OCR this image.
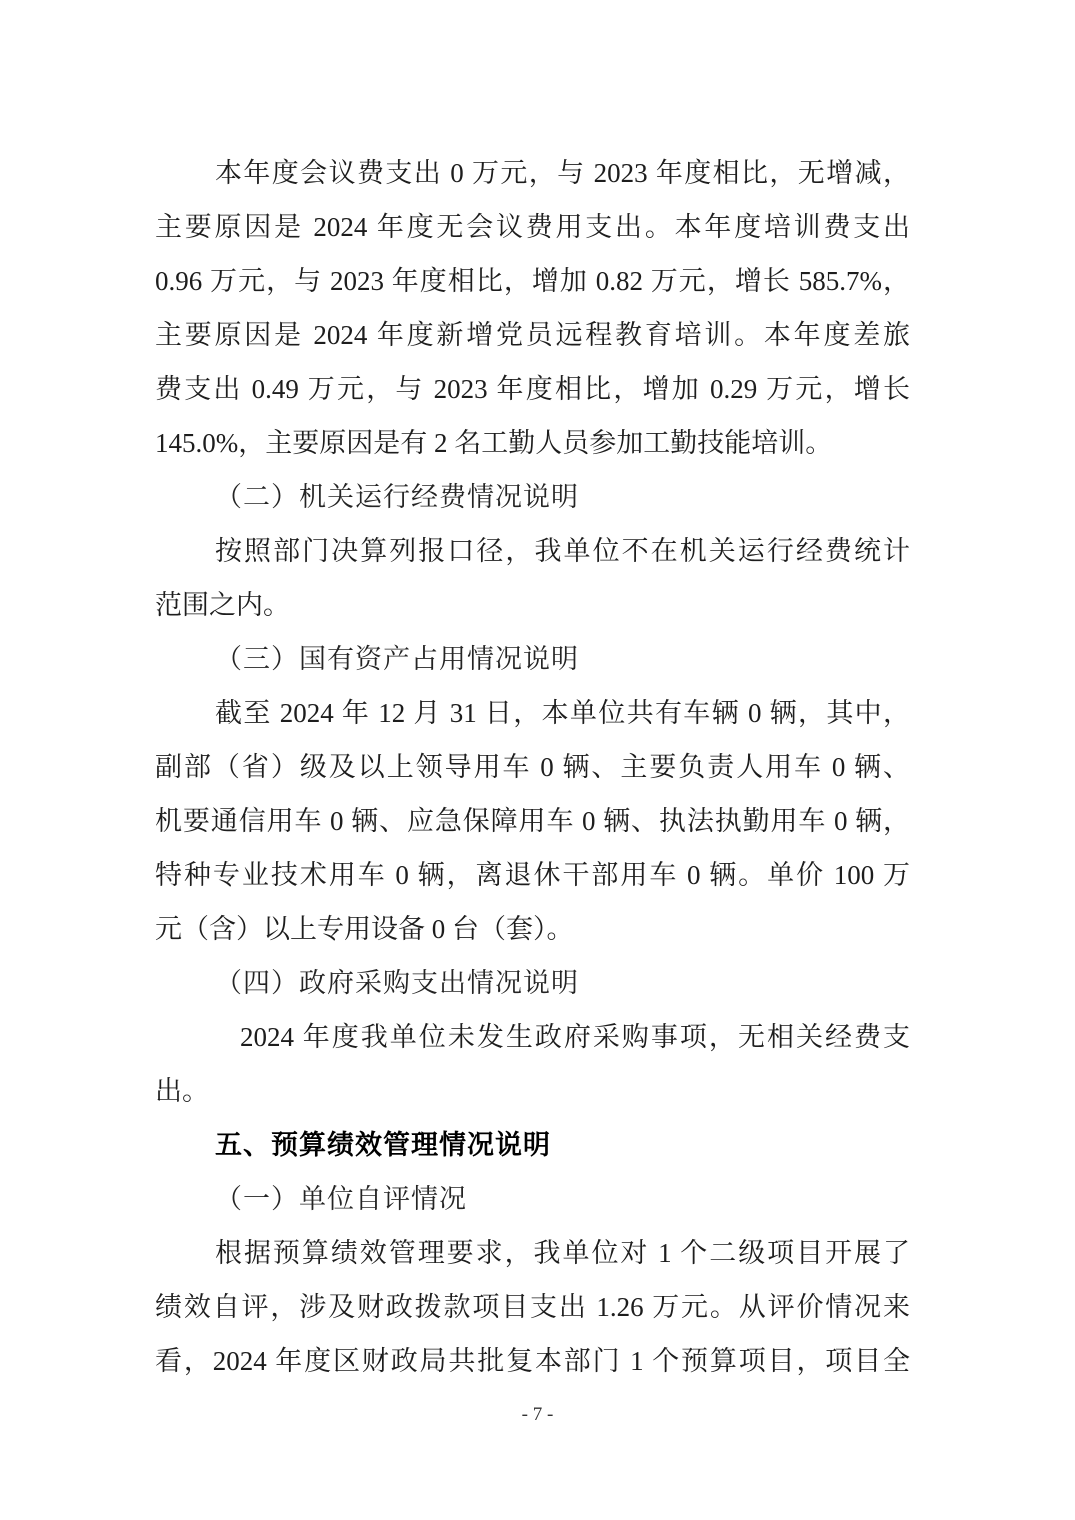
本年度会议费支出 0 万元，与 2023 年度相比，无增减，
主要原因是 2024 年度无会议费用支出。本年度培训费支出
0.96 万元，与 2023 年度相比，增加 0.82 万元，增长 585.7%，
主要原因是 2024 年度新增党员远程教育培训。本年度差旅
费支出 0.49 万元，与 2023 年度相比，增加 0.29 万元，增长
145.0%，主要原因是有 2 名工勤人员参加工勤技能培训。
（二）机关运行经费情况说明
按照部门决算列报口径，我单位不在机关运行经费统计
范围之内。
（三）国有资产占用情况说明
截至 2024 年 12 月 31 日，本单位共有车辆 0 辆，其中，
副部（省）级及以上领导用车 0 辆、主要负责人用车 0 辆、
机要通信用车 0 辆、应急保障用车 0 辆、执法执勤用车 0 辆，
特种专业技术用车 0 辆，离退休干部用车 0 辆。单价 100 万
元（含）以上专用设备 0 台（套）。
（四）政府采购支出情况说明
2024 年度我单位未发生政府采购事项，无相关经费支
出。
五、预算绩效管理情况说明
（一）单位自评情况
根据预算绩效管理要求，我单位对 1 个二级项目开展了
绩效自评，涉及财政拨款项目支出 1.26 万元。从评价情况来
看，2024 年度区财政局共批复本部门 1 个预算项目，项目全
- 7 -
